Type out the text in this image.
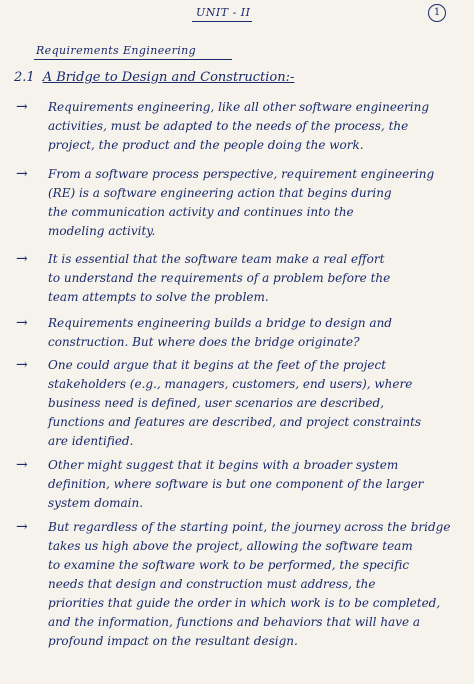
UNIT - II	1
Requirements Engineering
2.1 A Bridge to Design and Construction:-
→	Requirements engineering, like all other software engineering
activities, must be adapted to the needs of the process, the
project, the product and the people doing the work.
→	From a software process perspective, requirement engineering
(RE) is a software engineering action that begins during
the communication activity and continues into the
modeling activity.
→	It is essential that the software team make a real effort
to understand the requirements of a problem before the
team attempts to solve the problem.
→	Requirements engineering builds a bridge to design and
construction. But where does the bridge originate?
→	One could argue that it begins at the feet of the project
stakeholders (e.g., managers, customers, end users), where
business need is defined, user scenarios are described,
functions and features are described, and project constraints
are identified.
→	Other might suggest that it begins with a broader system
definition, where software is but one component of the larger
system domain.
→	But regardless of the starting point, the journey across the bridge
takes us high above the project, allowing the software team
to examine the software work to be performed, the specific
needs that design and construction must address, the
priorities that guide the order in which work is to be completed,
and the information, functions and behaviors that will have a
profound impact on the resultant design.
